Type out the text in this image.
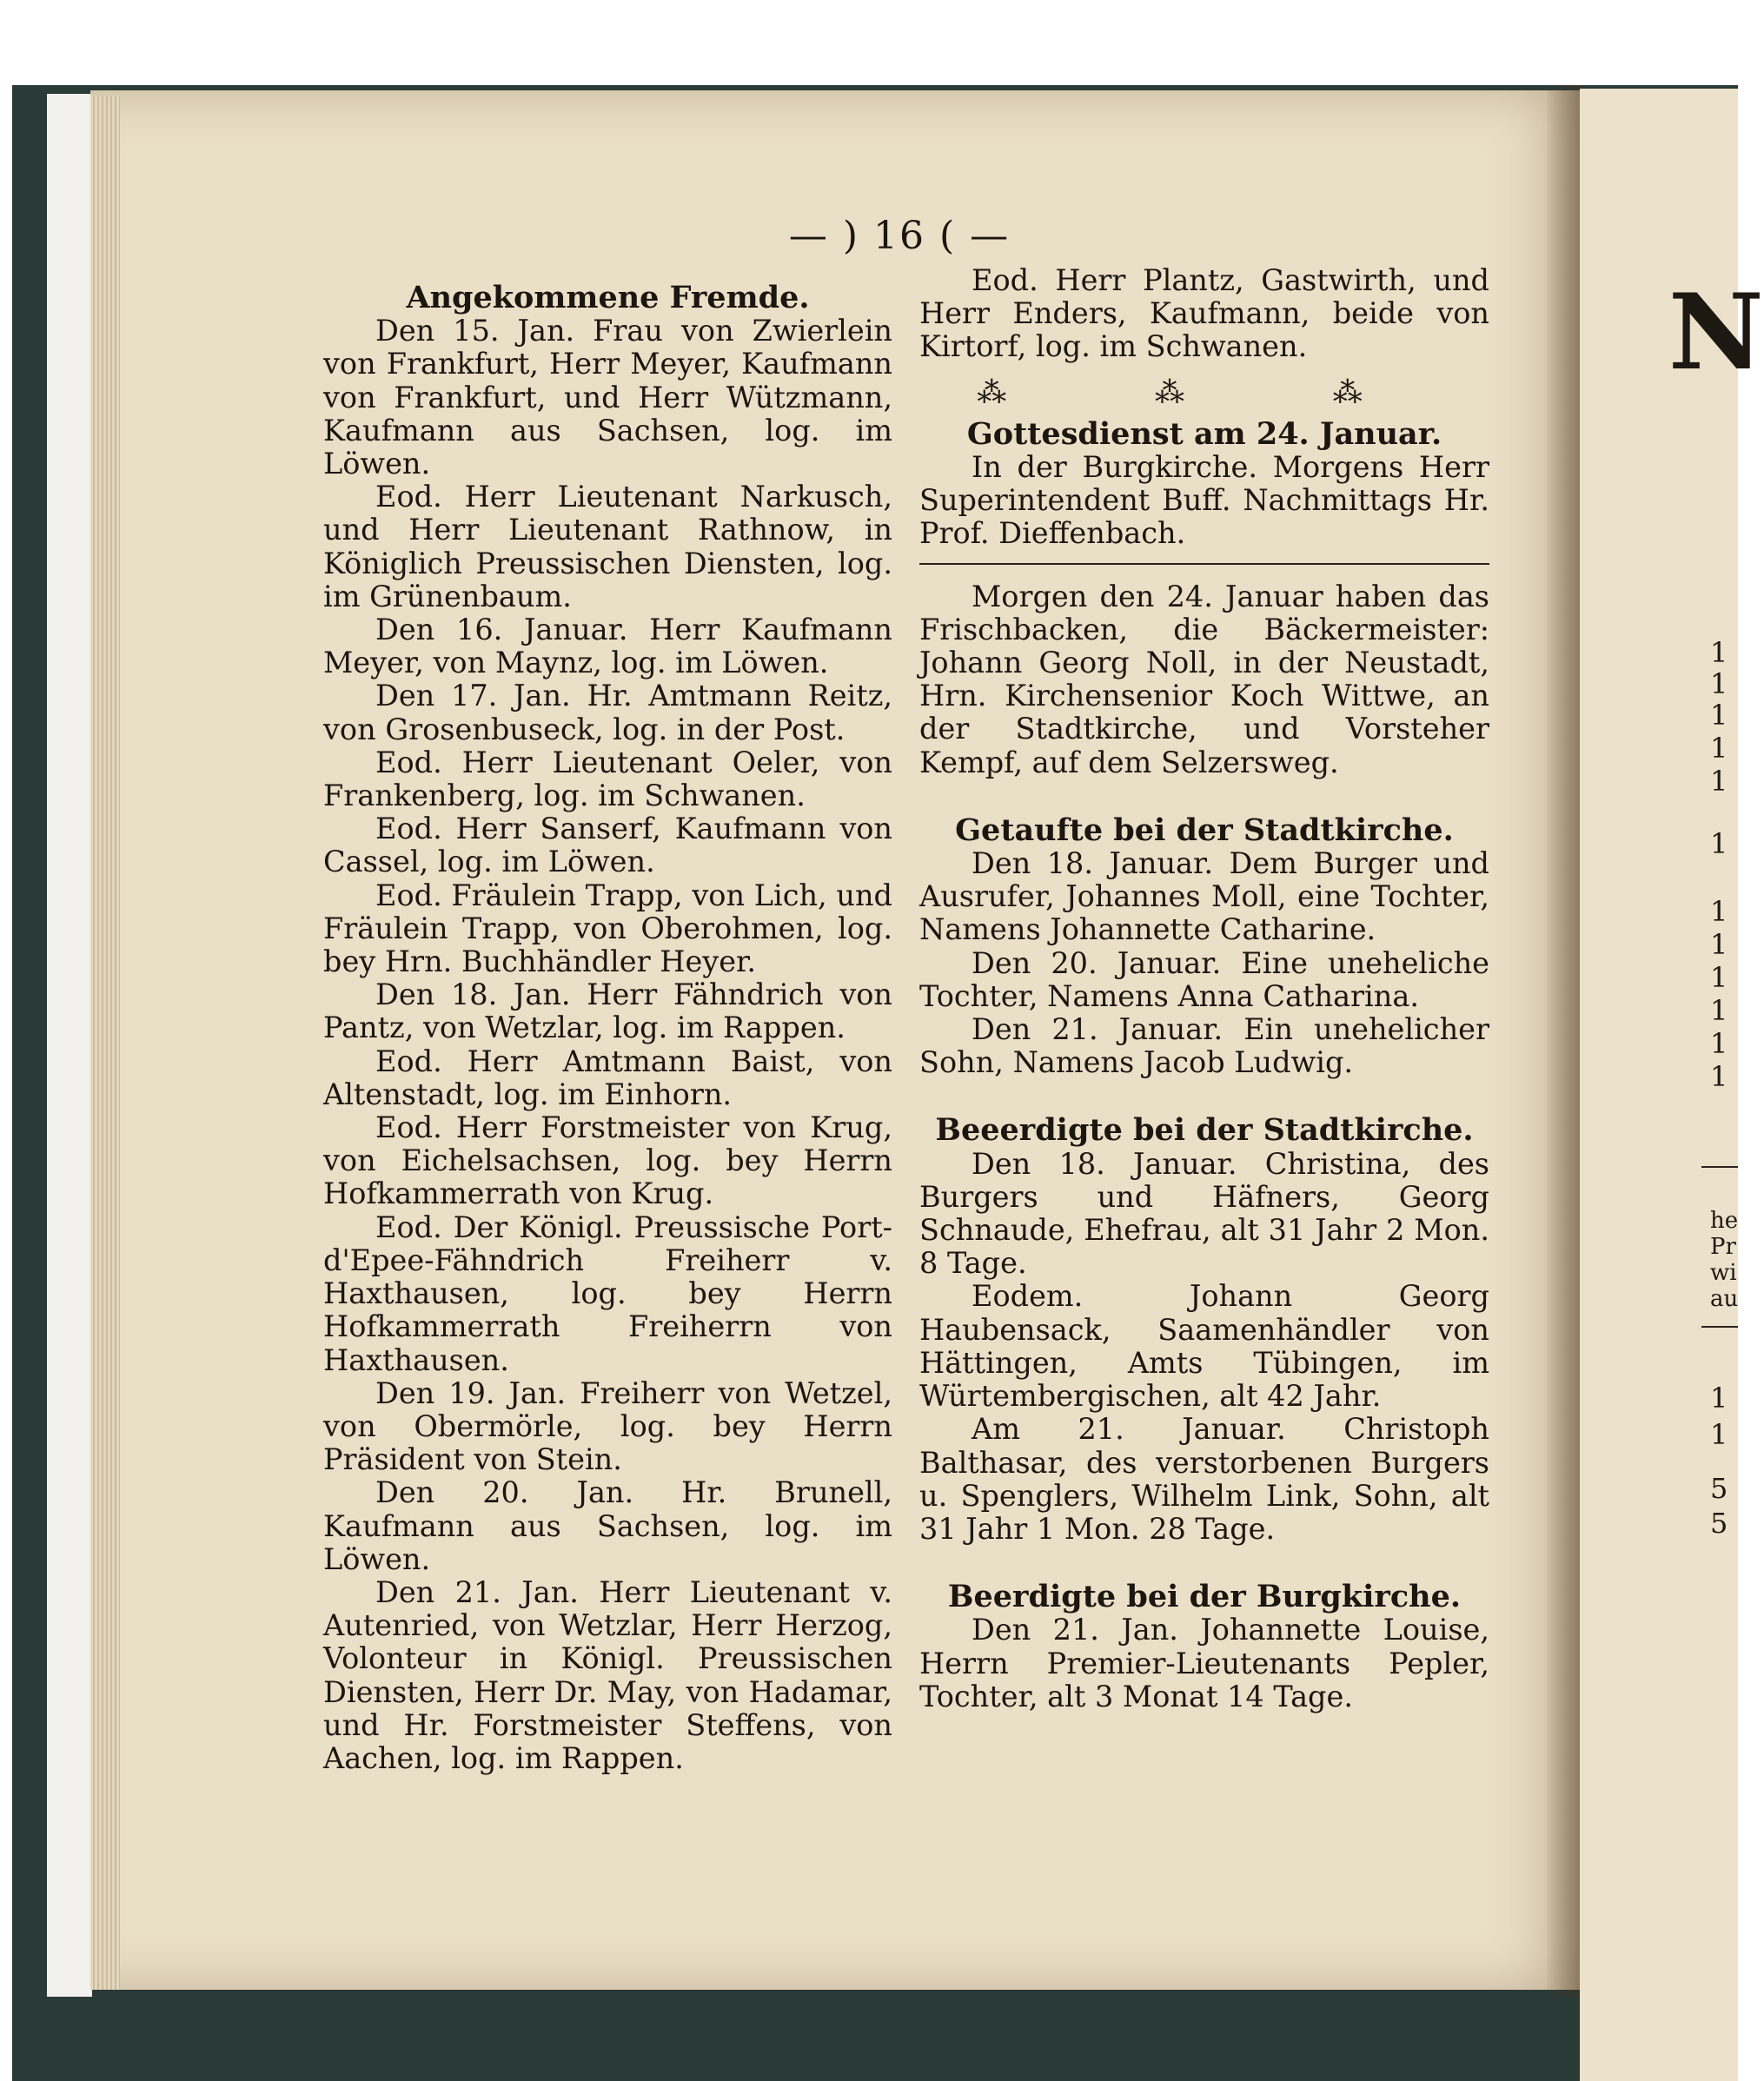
N
1
1
1
1
1
1
1
1
1
1
1
1
he
Pr
wi
au
1
1
5
5
— ) 16 ( —

Angekommene Fremde.

Den 15. Jan. Frau von Zwierlein von Frankfurt, Herr Meyer, Kaufmann von Frankfurt, und Herr Wützmann, Kaufmann aus Sachsen, log. im Löwen.

Eod. Herr Lieutenant Narkusch, und Herr Lieutenant Rathnow, in Königlich Preussischen Diensten, log. im Grünenbaum.

Den 16. Januar. Herr Kaufmann Meyer, von Maynz, log. im Löwen.

Den 17. Jan. Hr. Amtmann Reitz, von Grosenbuseck, log. in der Post.

Eod. Herr Lieutenant Oeler, von Frankenberg, log. im Schwanen.

Eod. Herr Sanserf, Kaufmann von Cassel, log. im Löwen.

Eod. Fräulein Trapp, von Lich, und Fräulein Trapp, von Oberohmen, log. bey Hrn. Buchhändler Heyer.

Den 18. Jan. Herr Fähndrich von Pantz, von Wetzlar, log. im Rappen.

Eod. Herr Amtmann Baist, von Altenstadt, log. im Einhorn.

Eod. Herr Forstmeister von Krug, von Eichelsachsen, log. bey Herrn Hofkammerrath von Krug.

Eod. Der Königl. Preussische Port-d'Epee-Fähndrich Freiherr v. Haxthausen, log. bey Herrn Hofkammerrath Freiherrn von Haxthausen.

Den 19. Jan. Freiherr von Wetzel, von Obermörle, log. bey Herrn Präsident von Stein.

Den 20. Jan. Hr. Brunell, Kaufmann aus Sachsen, log. im Löwen.

Den 21. Jan. Herr Lieutenant v. Autenried, von Wetzlar, Herr Herzog, Volonteur in Königl. Preussischen Diensten, Herr Dr. May, von Hadamar, und Hr. Forstmeister Steffens, von Aachen, log. im Rappen.

Eod. Herr Plantz, Gastwirth, und Herr Enders, Kaufmann, beide von Kirtorf, log. im Schwanen.

⁂ ⁂ ⁂

Gottesdienst am 24. Januar.

In der Burgkirche. Morgens Herr Superintendent Buff. Nachmittags Hr. Prof. Dieffenbach.

Morgen den 24. Januar haben das Frischbacken, die Bäckermeister: Johann Georg Noll, in der Neustadt, Hrn. Kirchensenior Koch Wittwe, an der Stadtkirche, und Vorsteher Kempf, auf dem Selzersweg.

Getaufte bei der Stadtkirche.

Den 18. Januar. Dem Burger und Ausrufer, Johannes Moll, eine Tochter, Namens Johannette Catharine.

Den 20. Januar. Eine uneheliche Tochter, Namens Anna Catharina.

Den 21. Januar. Ein unehelicher Sohn, Namens Jacob Ludwig.

Beeerdigte bei der Stadtkirche.

Den 18. Januar. Christina, des Burgers und Häfners, Georg Schnaude, Ehefrau, alt 31 Jahr 2 Mon. 8 Tage.

Eodem. Johann Georg Haubensack, Saamenhändler von Hättingen, Amts Tübingen, im Würtembergischen, alt 42 Jahr.

Am 21. Januar. Christoph Balthasar, des verstorbenen Burgers u. Spenglers, Wilhelm Link, Sohn, alt 31 Jahr 1 Mon. 28 Tage.

Beerdigte bei der Burgkirche.

Den 21. Jan. Johannette Louise, Herrn Premier-Lieutenants Pepler, Tochter, alt 3 Monat 14 Tage.
